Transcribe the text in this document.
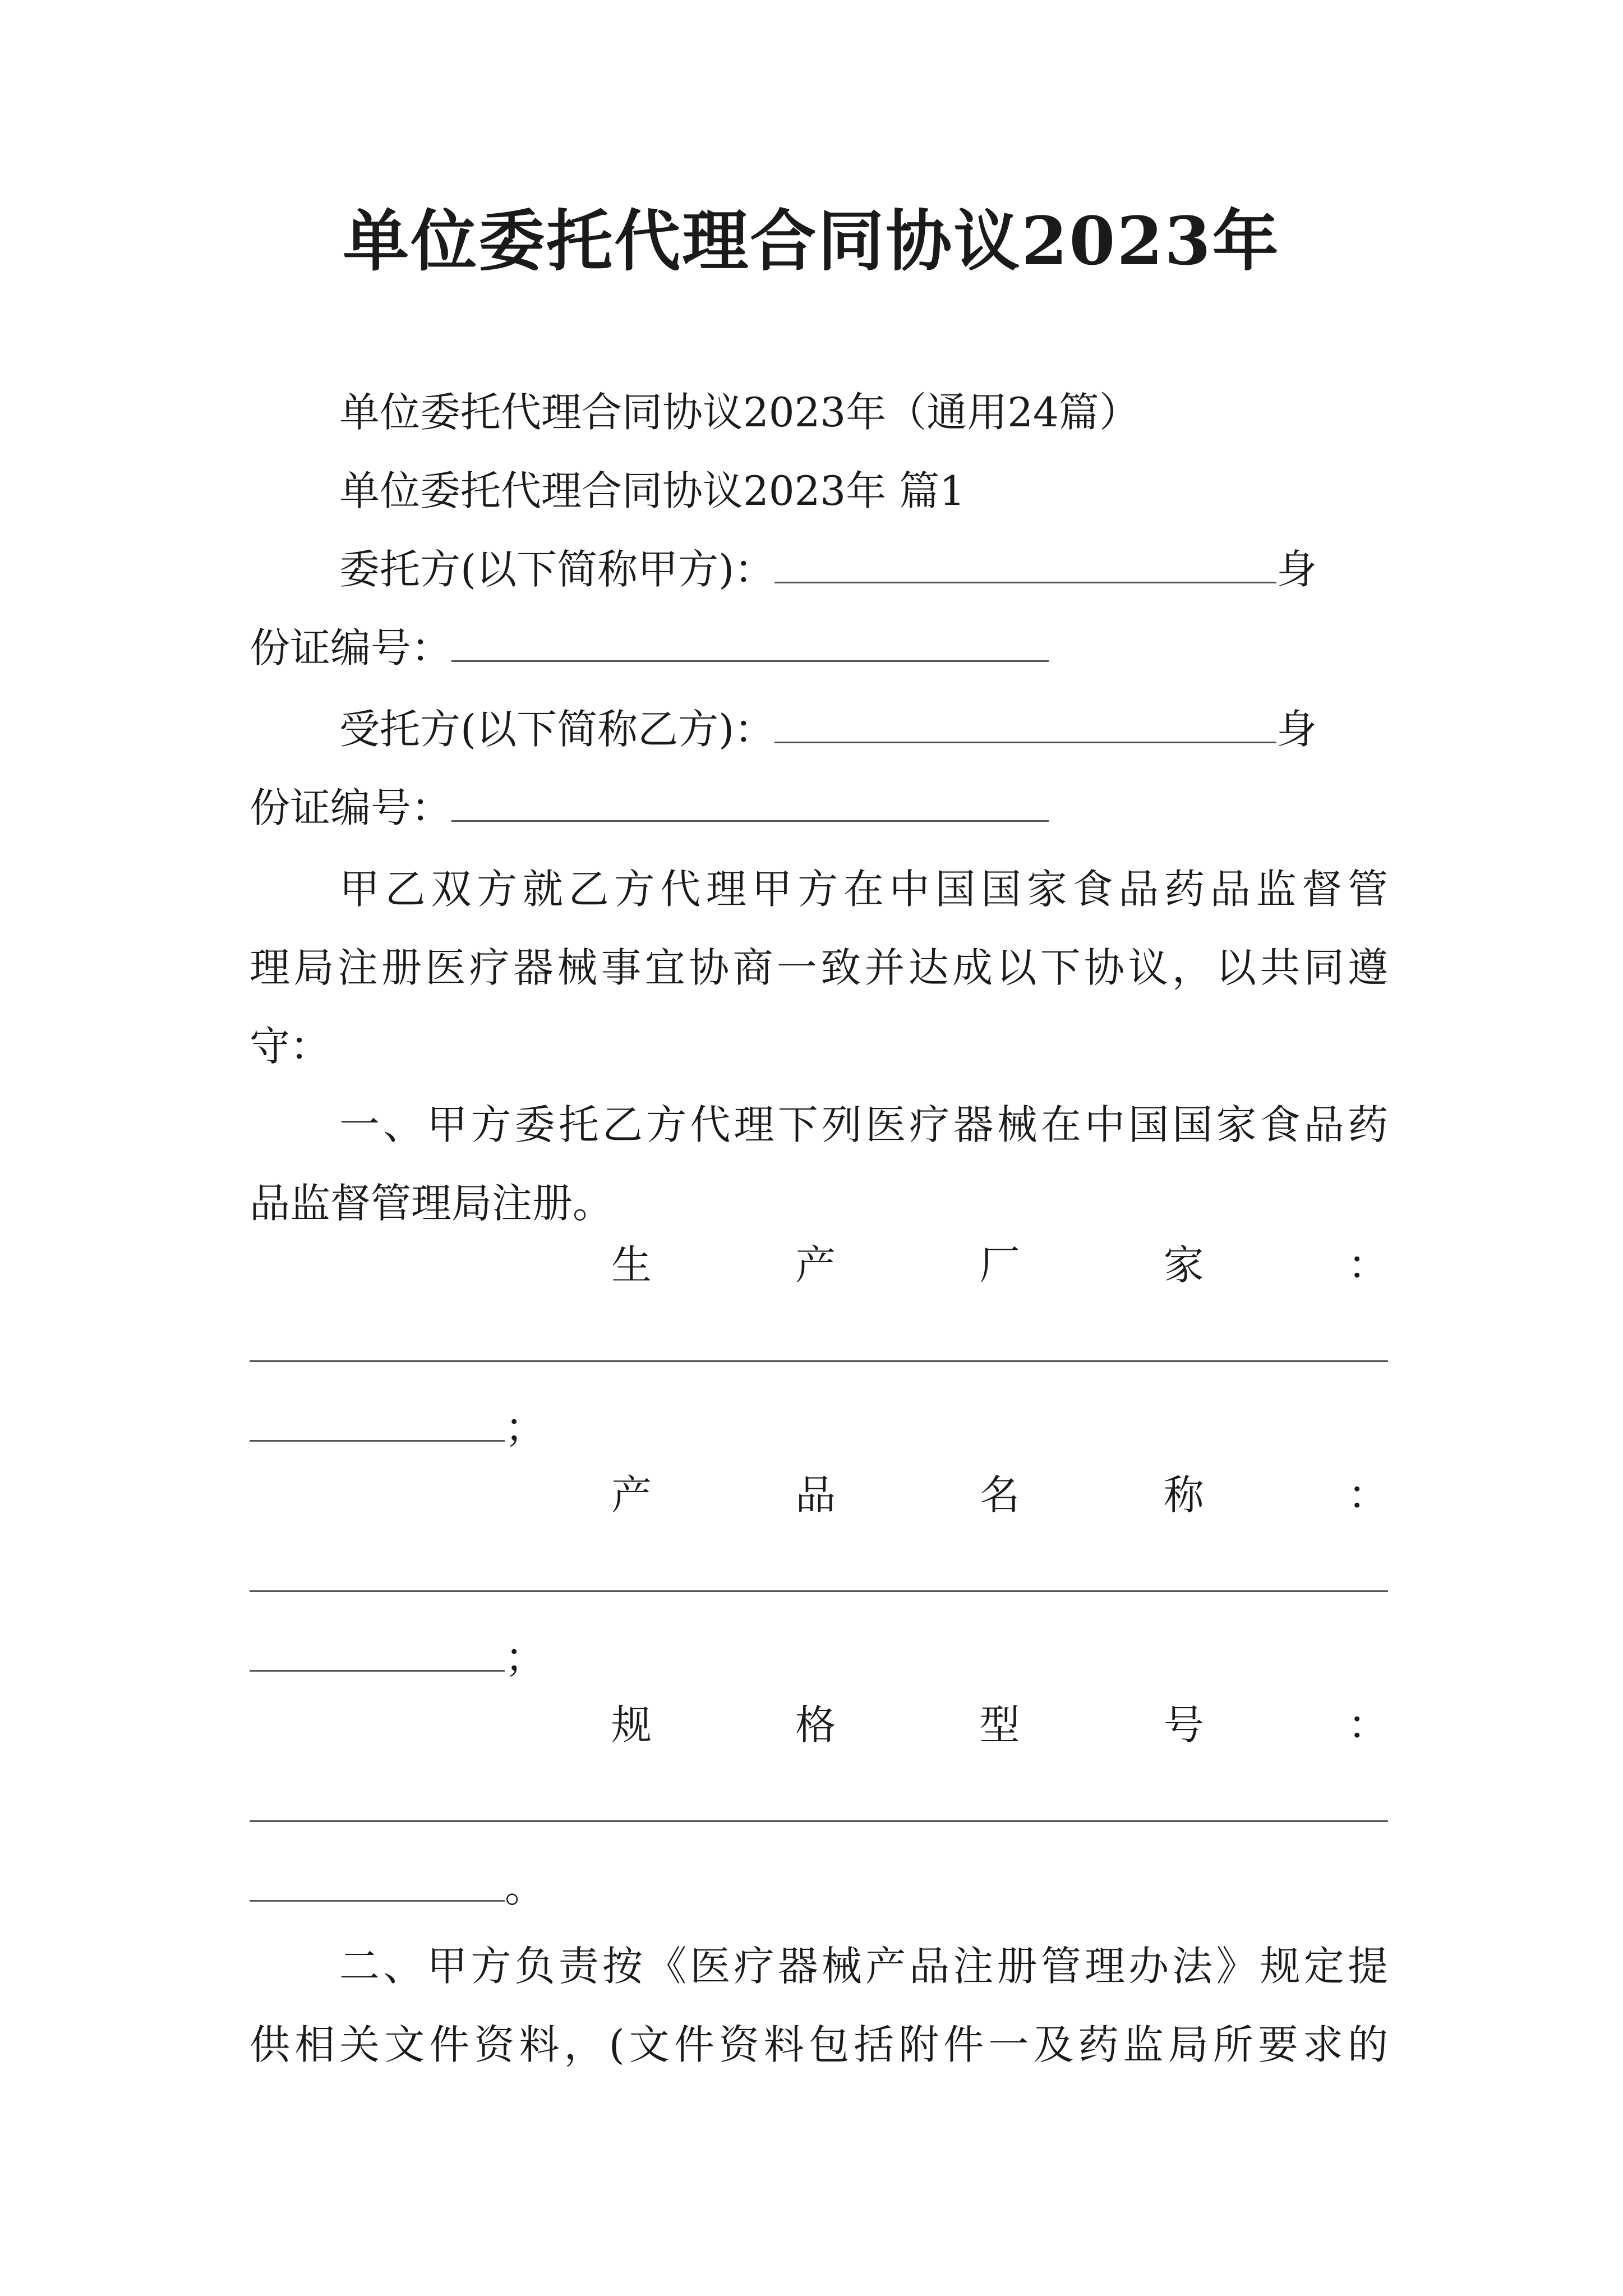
单位委托代理合同协议2023年
单位委托代理合同协议2023年（通用24篇）
单位委托代理合同协议2023年 篇1
委托方(以下简称甲方)：	身
份证编号：
受托方(以下简称乙方)：	身
份证编号：
甲乙双方就乙方代理甲方在中国国家食品药品监督管
理局注册医疗器械事宜协商一致并达成以下协议，以共同遵
守：
一、甲方委托乙方代理下列医疗器械在中国国家食品药
品监督管理局注册。
生	产	厂	家	：
；
产	品	名	称	：
；
规	格	型	号	：
。
二、甲方负责按《医疗器械产品注册管理办法》规定提
供相关文件资料，(文件资料包括附件一及药监局所要求的
